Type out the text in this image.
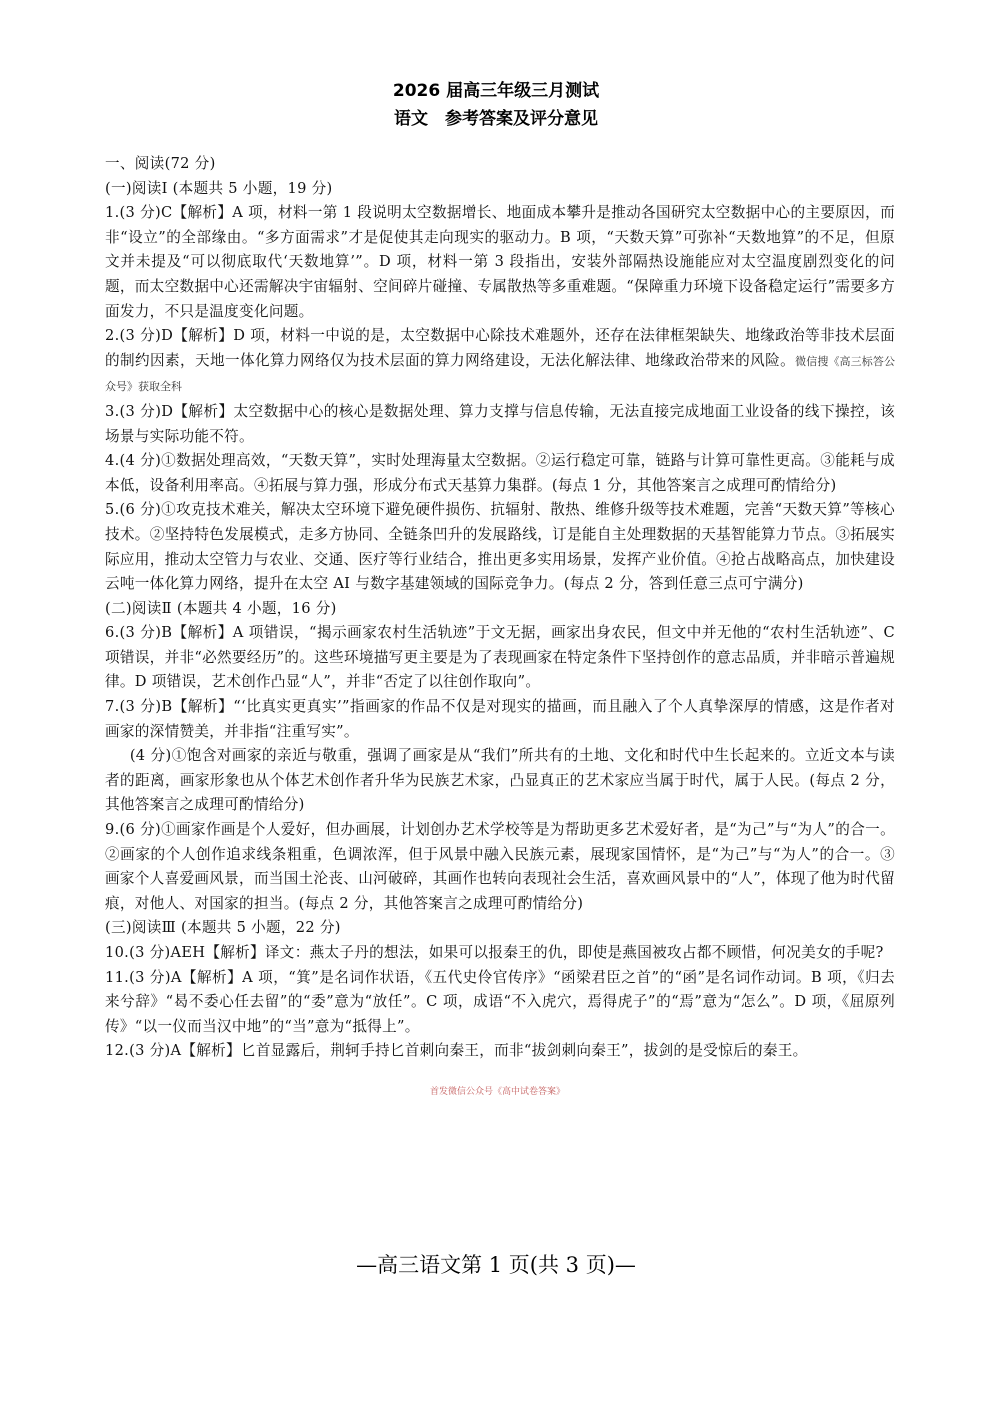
2026 届高三年级三月测试
语文　参考答案及评分意见

一、阅读(72 分)

(一)阅读Ⅰ (本题共 5 小题，19 分)

1.(3 分)C【解析】A 项，材料一第 1 段说明太空数据增长、地面成本攀升是推动各国研究太空数据中心的主要原因，而非“设立”的全部缘由。“多方面需求”才是促使其走向现实的驱动力。B 项，“天数天算”可弥补“天数地算”的不足，但原文并未提及“可以彻底取代‘天数地算’”。D 项，材料一第 3 段指出，安装外部隔热设施能应对太空温度剧烈变化的问题，而太空数据中心还需解决宇宙辐射、空间碎片碰撞、专属散热等多重难题。“保障重力环境下设备稳定运行”需要多方面发力，不只是温度变化问题。

2.(3 分)D【解析】D 项，材料一中说的是，太空数据中心除技术难题外，还存在法律框架缺失、地缘政治等非技术层面的制约因素，天地一体化算力网络仅为技术层面的算力网络建设，无法化解法律、地缘政治带来的风险。微信搜《高三标答公众号》获取全科

3.(3 分)D【解析】太空数据中心的核心是数据处理、算力支撑与信息传输，无法直接完成地面工业设备的线下操控，该场景与实际功能不符。

4.(4 分)①数据处理高效，“天数天算”，实时处理海量太空数据。②运行稳定可靠，链路与计算可靠性更高。③能耗与成本低，设备利用率高。④拓展与算力强，形成分布式天基算力集群。(每点 1 分，其他答案言之成理可酌情给分)

5.(6 分)①攻克技术难关，解决太空环境下避免硬件损伤、抗辐射、散热、维修升级等技术难题，完善“天数天算”等核心技术。②坚持特色发展模式，走多方协同、全链条凹升的发展路线，订是能自主处理数据的天基智能算力节点。③拓展实际应用，推动太空管力与农业、交通、医疗等行业结合，推出更多实用场景，发挥产业价值。④抢占战略高点，加快建设云吨一体化算力网络，提升在太空 AI 与数字基建领域的国际竞争力。(每点 2 分，答到任意三点可宁满分)

(二)阅读Ⅱ (本题共 4 小题，16 分)

6.(3 分)B【解析】A 项错误，“揭示画家农村生活轨迹”于文无据，画家出身农民，但文中并无他的“农村生活轨迹”、C 项错误，并非“必然要经历”的。这些环境描写更主要是为了表现画家在特定条件下坚持创作的意志品质，并非暗示普遍规律。D 项错误，艺术创作凸显“人”，并非“否定了以往创作取向”。

7.(3 分)B【解析】“‘比真实更真实’”指画家的作品不仅是对现实的描画，而且融入了个人真挚深厚的情感，这是作者对画家的深情赞美，并非指“注重写实”。

(4 分)①饱含对画家的亲近与敬重，强调了画家是从“我们”所共有的土地、文化和时代中生长起来的。立近文本与读者的距离，画家形象也从个体艺术创作者升华为民族艺术家，凸显真正的艺术家应当属于时代，属于人民。(每点 2 分，其他答案言之成理可酌情给分)

9.(6 分)①画家作画是个人爱好，但办画展，计划创办艺术学校等是为帮助更多艺术爱好者，是“为己”与“为人”的合一。②画家的个人创作追求线条粗重，色调浓浑，但于风景中融入民族元素，展现家国情怀，是“为己”与“为人”的合一。③画家个人喜爱画风景，而当国土沦丧、山河破碎，其画作也转向表现社会生活，喜欢画风景中的“人”，体现了他为时代留痕，对他人、对国家的担当。(每点 2 分，其他答案言之成理可酌情给分)

(三)阅读Ⅲ (本题共 5 小题，22 分)

10.(3 分)AEH【解析】译文：燕太子丹的想法，如果可以报秦王的仇，即使是燕国被攻占都不顾惜，何况美女的手呢?

11.(3 分)A【解析】A 项，“箕”是名词作状语，《五代史伶官传序》“函梁君臣之首”的“函”是名词作动词。B 项，《归去来兮辞》“曷不委心任去留”的“委”意为“放任”。C 项，成语“不入虎穴，焉得虎子”的“焉”意为“怎么”。D 项，《屈原列传》“以一仪而当汉中地”的“当”意为“抵得上”。

12.(3 分)A【解析】匕首显露后，荆轲手持匕首刺向秦王，而非“拔剑刺向秦王”，拔剑的是受惊后的秦王。

首发微信公众号《高中试卷答案》
—高三语文第 1 页(共 3 页)—
